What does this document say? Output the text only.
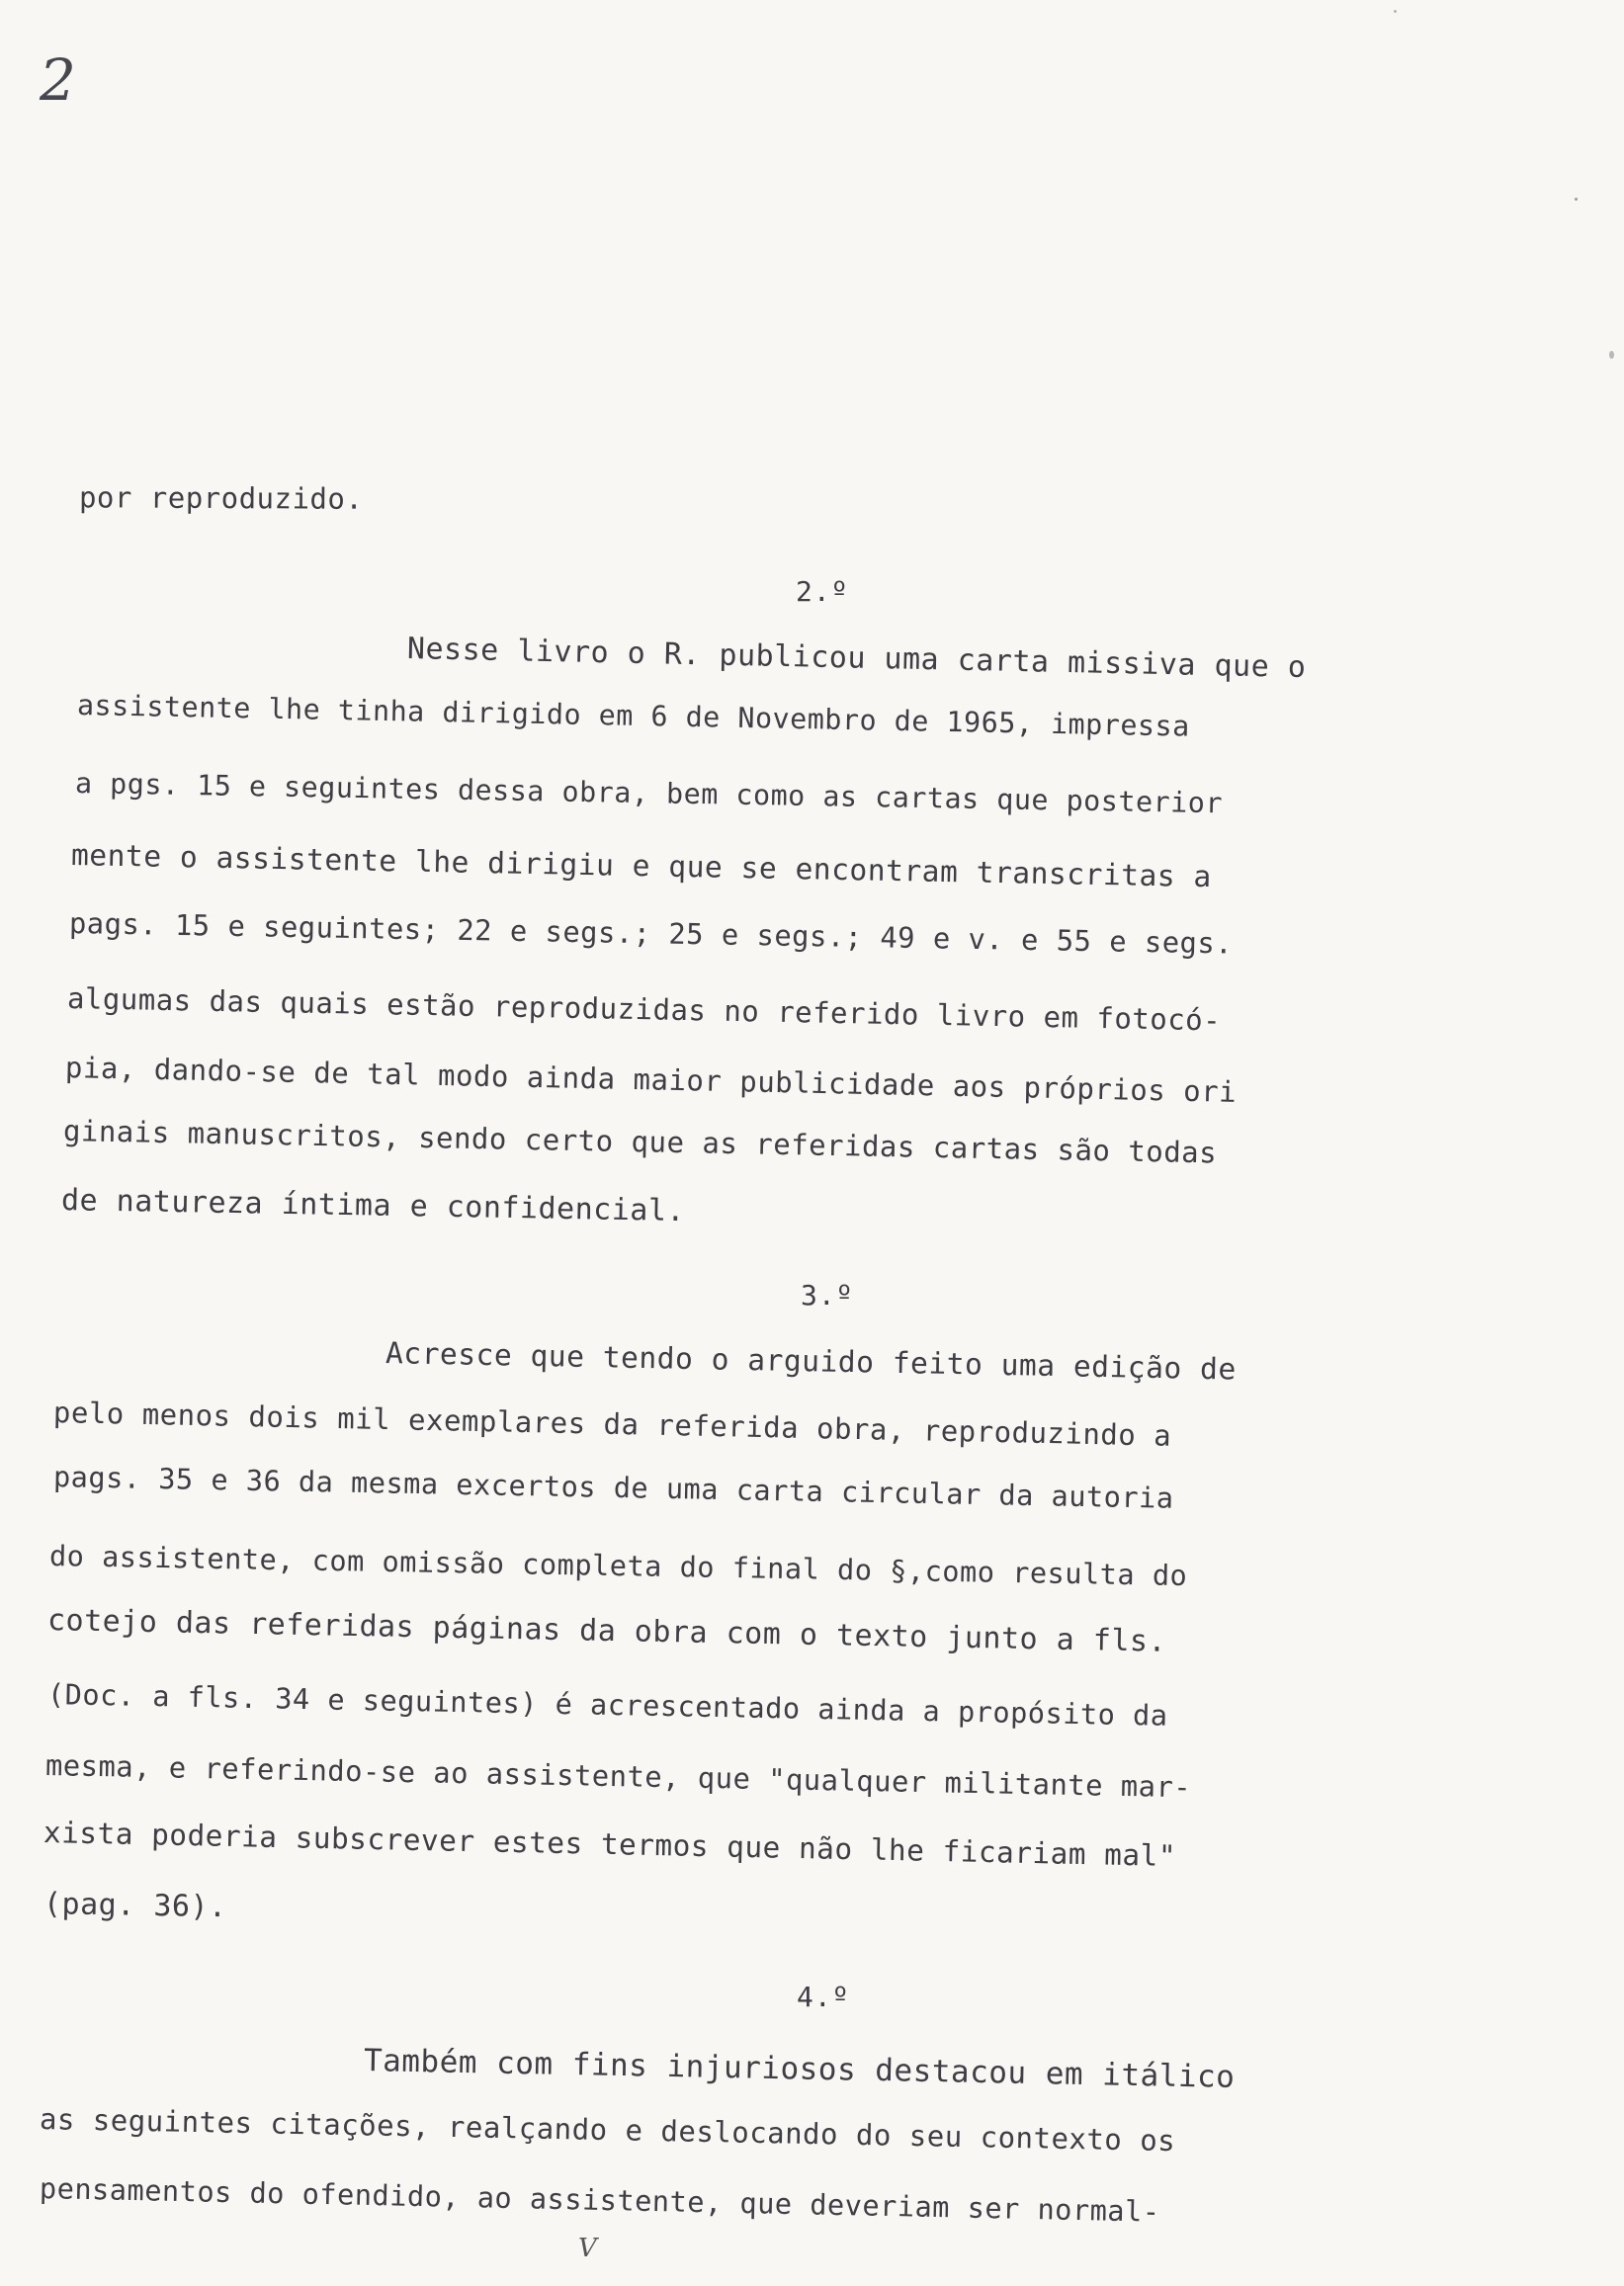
2
por reproduzido.
2.º
Nesse livro o R. publicou uma carta missiva que o
assistente lhe tinha dirigido em 6 de Novembro de 1965, impressa
a pgs. 15 e seguintes dessa obra, bem como as cartas que posterior
mente o assistente lhe dirigiu e que se encontram transcritas a
pags. 15 e seguintes; 22 e segs.; 25 e segs.; 49 e v. e 55 e segs.
algumas das quais estão reproduzidas no referido livro em fotocó-
pia, dando-se de tal modo ainda maior publicidade aos próprios ori
ginais manuscritos, sendo certo que as referidas cartas são todas
de natureza íntima e confidencial.
3.º
Acresce que tendo o arguido feito uma edição de
pelo menos dois mil exemplares da referida obra, reproduzindo a
pags. 35 e 36 da mesma excertos de uma carta circular da autoria
do assistente, com omissão completa do final do §,como resulta do
cotejo das referidas páginas da obra com o texto junto a fls.
(Doc. a fls. 34 e seguintes) é acrescentado ainda a propósito da
mesma, e referindo-se ao assistente, que "qualquer militante mar-
xista poderia subscrever estes termos que não lhe ficariam mal"
(pag. 36).
4.º
Também com fins injuriosos destacou em itálico
as seguintes citações, realçando e deslocando do seu contexto os
pensamentos do ofendido, ao assistente, que deveriam ser normal-
V
